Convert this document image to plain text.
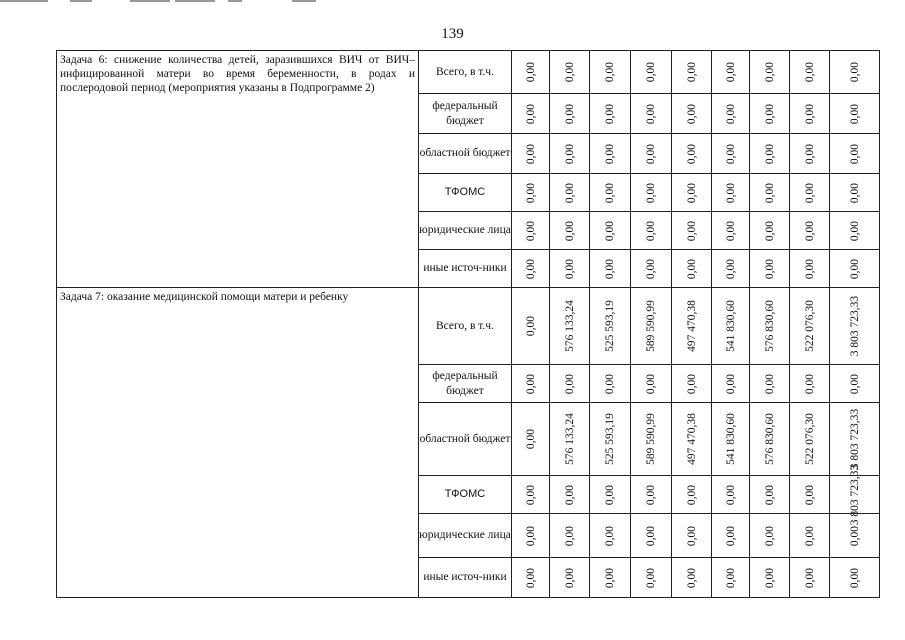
139
Задача 6: снижение количества детей, заразившихся ВИЧ от ВИЧ–инфицированной матери во время беременности, в родах и послеродовой период (мероприятия указаны в Подпрограмме 2)	Всего, в т.ч.	0,00	0,00	0,00	0,00	0,00	0,00	0,00	0,00	0,00

	федеральный бюджет	0,00	0,00	0,00	0,00	0,00	0,00	0,00	0,00	0,00

	областной бюджет	0,00	0,00	0,00	0,00	0,00	0,00	0,00	0,00	0,00

	ТФОМС	0,00	0,00	0,00	0,00	0,00	0,00	0,00	0,00	0,00

	юридические лица	0,00	0,00	0,00	0,00	0,00	0,00	0,00	0,00	0,00

	иные источ-ники	0,00	0,00	0,00	0,00	0,00	0,00	0,00	0,00	0,00

Задача 7: оказание медицинской помощи матери и ребенку	Всего, в т.ч.	0,00	576 133,24	525 593,19	589 590,99	497 470,38	541 830,60	576 830,60	522 076,30	3 803 723,33

	федеральный бюджет	0,00	0,00	0,00	0,00	0,00	0,00	0,00	0,00	0,00

	областной бюджет	0,00	576 133,24	525 593,19	589 590,99	497 470,38	541 830,60	576 830,60	522 076,30	3 803 723,33

	ТФОМС	0,00	0,00	0,00	0,00	0,00	0,00	0,00	0,00	3 803 723,33

	юридические лица	0,00	0,00	0,00	0,00	0,00	0,00	0,00	0,00	0,00

	иные источ-ники	0,00	0,00	0,00	0,00	0,00	0,00	0,00	0,00	0,00
